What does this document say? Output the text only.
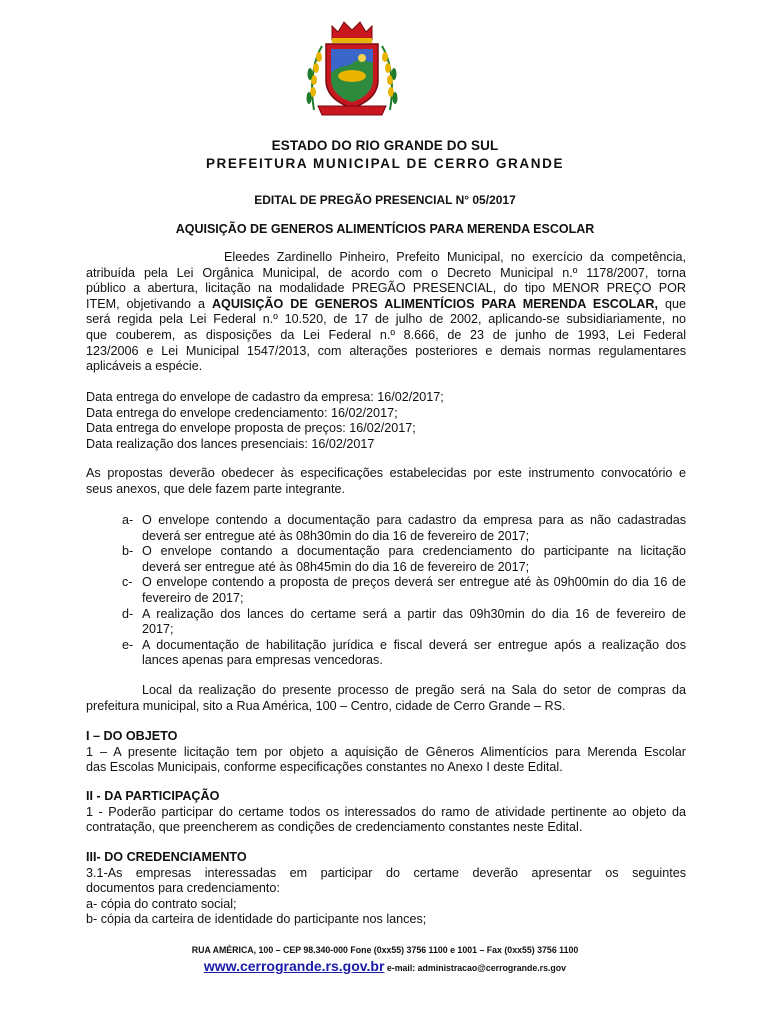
ESTADO DO RIO GRANDE DO SUL
PREFEITURA MUNICIPAL DE CERRO GRANDE
EDITAL DE PREGÃO PRESENCIAL N° 05/2017
AQUISIÇÃO DE GENEROS ALIMENTÍCIOS PARA MERENDA ESCOLAR
Eleedes Zardinello Pinheiro, Prefeito Municipal, no exercício da competência,
atribuída pela Lei Orgânica Municipal, de acordo com o Decreto Municipal n.º 1178/2007, torna
público a abertura, licitação na modalidade PREGÃO PRESENCIAL, do tipo MENOR PREÇO POR
ITEM, objetivando a AQUISIÇÃO DE GENEROS ALIMENTÍCIOS PARA MERENDA ESCOLAR, que
será regida pela Lei Federal n.º 10.520, de 17 de julho de 2002, aplicando-se subsidiariamente, no
que couberem, as disposições da Lei Federal n.º 8.666, de 23 de junho de 1993, Lei Federal
123/2006 e Lei Municipal 1547/2013, com alterações posteriores e demais normas regulamentares
aplicáveis a espécie.
Data entrega do envelope de cadastro da empresa: 16/02/2017;
Data entrega do envelope credenciamento: 16/02/2017;
Data entrega do envelope proposta de preços: 16/02/2017;
Data realização dos lances presenciais: 16/02/2017
As propostas deverão obedecer às especificações estabelecidas por este instrumento convocatório e
seus anexos, que dele fazem parte integrante.
a- O envelope contendo a documentação para cadastro da empresa para as não cadastradas
deverá ser entregue até às 08h30min do dia 16 de fevereiro de 2017;
b- O envelope contando a documentação para credenciamento do participante na licitação
deverá ser entregue até às 08h45min do dia 16 de fevereiro de 2017;
c- O envelope contendo a proposta de preços deverá ser entregue até às 09h00min do dia 16 de
fevereiro de 2017;
d- A realização dos lances do certame será a partir das 09h30min do dia 16 de fevereiro de
2017;
e- A documentação de habilitação jurídica e fiscal deverá ser entregue após a realização dos
lances apenas para empresas vencedoras.
Local da realização do presente processo de pregão será na Sala do setor de compras da
prefeitura municipal, sito a Rua América, 100 – Centro, cidade de Cerro Grande – RS.
I – DO OBJETO
1 – A presente licitação tem por objeto a aquisição de Gêneros Alimentícios para Merenda Escolar
das Escolas Municipais, conforme especificações constantes no Anexo I deste Edital.
II - DA PARTICIPAÇÃO
1 - Poderão participar do certame todos os interessados do ramo de atividade pertinente ao objeto da
contratação, que preencherem as condições de credenciamento constantes neste Edital.
III- DO CREDENCIAMENTO
3.1-As empresas interessadas em participar do certame deverão apresentar os seguintes
documentos para credenciamento:
a- cópia do contrato social;
b- cópia da carteira de identidade do participante nos lances;
RUA AMÉRICA, 100 – CEP 98.340-000 Fone (0xx55) 3756 1100 e 1001 – Fax (0xx55) 3756 1100
www.cerrogrande.rs.gov.br e-mail: administracao@cerrogrande.rs.gov
